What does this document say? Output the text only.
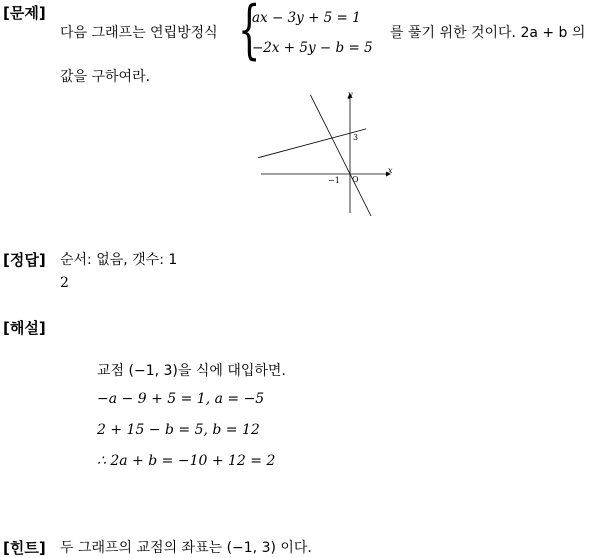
[문제]
다음 그래프는 연립방정식 {
ax − 3y + 5 = 1
−2x + 5y − b = 5
를 풀기 위한 것이다. 2a + b 의
값을 구하여라.
x
y
O
−1
3
[정답] 순서: 없음, 갯수: 1
2
[해설]
교점 (−1, 3)을 식에 대입하면.
−a − 9 + 5 = 1, a = −5
2 + 15 − b = 5, b = 12
∴ 2a + b = −10 + 12 = 2
[힌트] 두 그래프의 교점의 좌표는 (−1, 3) 이다.
